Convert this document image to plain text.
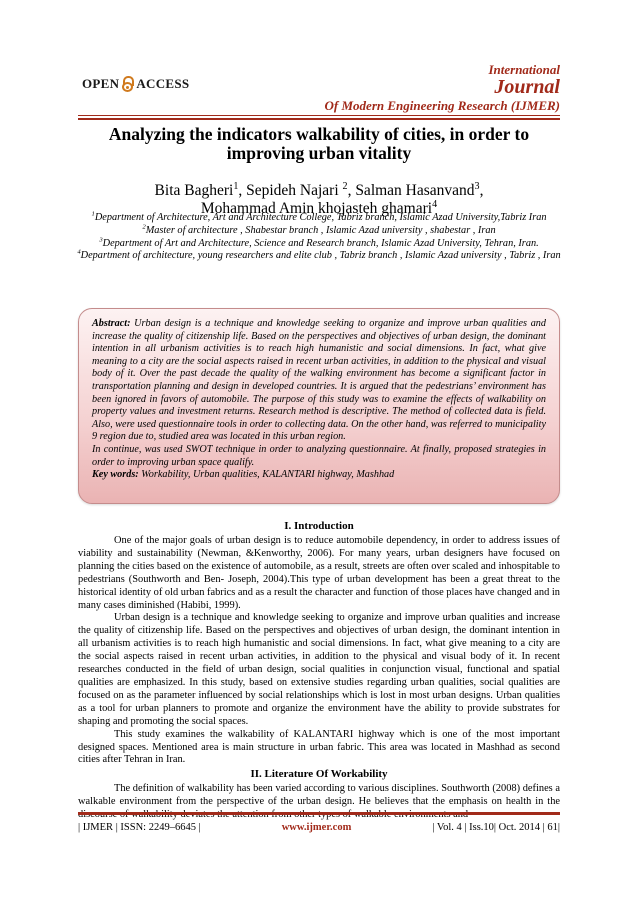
OPEN ACCESS
International
Journal
Of Modern Engineering Research (IJMER)
Analyzing the indicators walkability of cities, in order to
improving urban vitality
Bita Bagheri$^1$, Sepideh Najari $^2$, Salman Hasanvand$^3$,
Mohammad Amin khojasteh ghamari$^4$
$^1$Department of Architecture, Art and Architecture College, Tabriz branch, Islamic Azad University,Tabriz Iran
$^2$Master of architecture , Shabestar branch , Islamic Azad university , shabestar , Iran
$^3$Department of Art and Architecture, Science and Research branch, Islamic Azad University, Tehran, Iran.
$^4$Department of architecture, young researchers and elite club , Tabriz branch , Islamic Azad university , Tabriz , Iran
Abstract: Urban design is a technique and knowledge seeking to organize and improve urban qualities and increase the quality of citizenship life. Based on the perspectives and objectives of urban design, the dominant intention in all urbanism activities is to reach high humanistic and social dimensions. In fact, what give meaning to a city are the social aspects raised in recent urban activities, in addition to the physical and visual body of it. Over the past decade the quality of the walking environment has become a significant factor in transportation planning and design in developed countries. It is argued that the pedestrians’ environment has been ignored in favors of automobile. The purpose of this study was to examine the effects of walkability on property values and investment returns. Research method is descriptive. The method of collected data is field. Also, were used questionnaire tools in order to collecting data. On the other hand, was referred to municipality 9 region due to, studied area was located in this urban region.
In continue, was used SWOT technique in order to analyzing questionnaire. At finally, proposed strategies in order to improving urban space qualify.
Key words: Workability, Urban qualities, KALANTARI highway, Mashhad
I. Introduction
One of the major goals of urban design is to reduce automobile dependency, in order to address issues of viability and sustainability (Newman, &Kenworthy, 2006). For many years, urban designers have focused on planning the cities based on the existence of automobile, as a result, streets are often over scaled and inhospitable to pedestrians (Southworth and Ben- Joseph, 2004).This type of urban development has been a great threat to the historical identity of old urban fabrics and as a result the character and function of those places have changed and in many cases diminished (Habibi, 1999).
Urban design is a technique and knowledge seeking to organize and improve urban qualities and increase the quality of citizenship life. Based on the perspectives and objectives of urban design, the dominant intention in all urbanism activities is to reach high humanistic and social dimensions. In fact, what give meaning to a city are the social aspects raised in recent urban activities, in addition to the physical and visual body of it. In recent researches conducted in the field of urban design, social qualities in conjunction visual, functional and spatial qualities are emphasized. In this study, based on extensive studies regarding urban qualities, social qualities are focused on as the parameter influenced by social relationships which is lost in most urban designs. Urban qualities as a tool for urban planners to promote and organize the environment have the ability to provide substrates for shaping and promoting the social spaces.
This study examines the walkability of KALANTARI highway which is one of the most important designed spaces. Mentioned area is main structure in urban fabric. This area was located in Mashhad as second cities after Tehran in Iran.
II. Literature Of Workability
The definition of walkability has been varied according to various disciplines. Southworth (2008) defines a walkable environment from the perspective of the urban design. He believes that the emphasis on health in the discourse of walkability deviates the attention from other types of walkable environments and
| IJMER | ISSN: 2249–6645 |	www.ijmer.com	| Vol. 4 | Iss.10| Oct. 2014 | 61|
